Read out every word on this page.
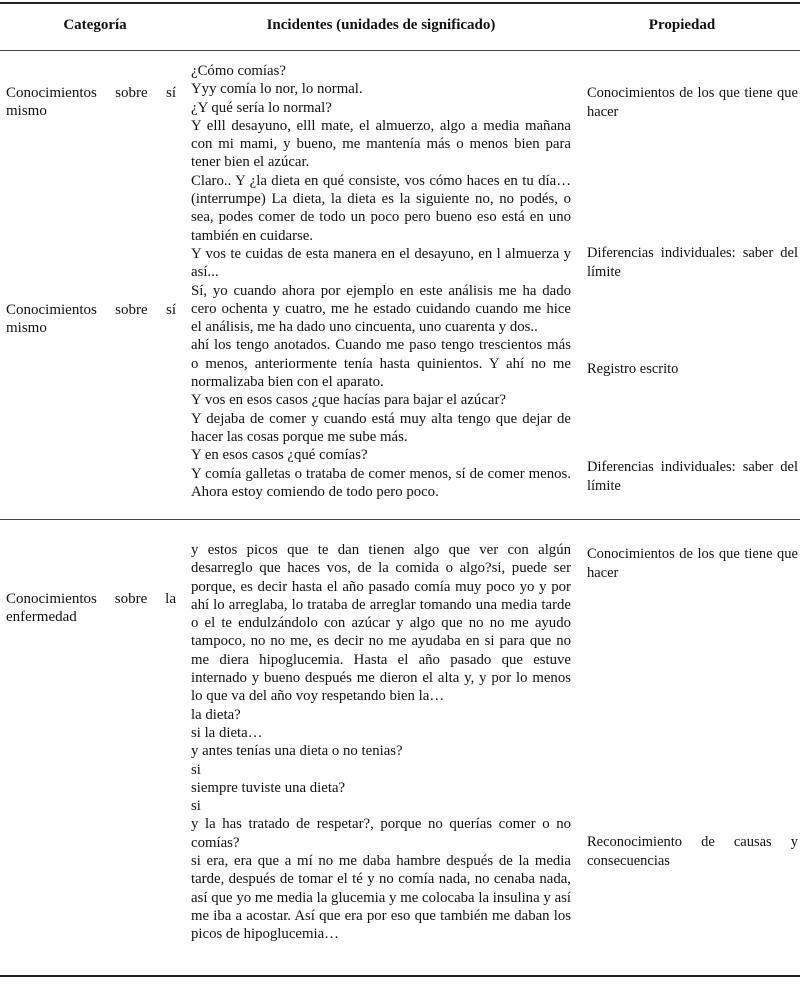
Categoría	Incidentes (unidades de significado)	Propiedad
Conocimientos sobre sí mismo
Conocimientos sobre sí mismo

¿Cómo comías?

Yyy comía lo nor, lo normal.

¿Y qué sería lo normal?

Y elll desayuno, elll mate, el almuerzo, algo a media mañana con mi mami, y bueno, me mantenía más o menos bien para tener bien el azúcar.

Claro.. Y ¿la dieta en qué consiste, vos cómo haces en tu día… (interrumpe) La dieta, la dieta es la siguiente no, no podés, o sea, podes comer de todo un poco pero bueno eso está en uno también en cuidarse.

Y vos te cuidas de esta manera en el desayuno, en l almuerza y así...

Sí, yo cuando ahora por ejemplo en este análisis me ha dado cero ochenta y cuatro, me he estado cuidando cuando me hice el análisis, me ha dado uno cincuenta, uno cuarenta y dos..

ahí los tengo anotados. Cuando me paso tengo trescientos más o menos, anteriormente tenía hasta quinientos. Y ahí no me normalizaba bien con el aparato.

Y vos en esos casos ¿que hacías para bajar el azúcar?

Y dejaba de comer y cuando está muy alta tengo que dejar de hacer las cosas porque me sube más.

Y en esos casos ¿qué comías?

Y comía galletas o trataba de comer menos, sí de comer menos. Ahora estoy comiendo de todo pero poco.

Conocimientos de los que tiene que hacer
Diferencias individuales: saber del límite
Registro escrito
Diferencias individuales: saber del límite
Conocimientos sobre la enfermedad

y estos picos que te dan tienen algo que ver con algún desarreglo que haces vos, de la comida o algo?si, puede ser porque, es decir hasta el año pasado comía muy poco yo y por ahí lo arreglaba, lo trataba de arreglar tomando una media tarde o el te endulzándolo con azúcar y algo que no no me ayudo tampoco, no no me, es decir no me ayudaba en si para que no me diera hipoglucemia. Hasta el año pasado que estuve internado y bueno después me dieron el alta y, y por lo menos lo que va del año voy respetando bien la…

la dieta?

si la dieta…

y antes tenías una dieta o no tenias?

si

siempre tuviste una dieta?

si

y la has tratado de respetar?, porque no querías comer o no comías?

si era, era que a mí no me daba hambre después de la media tarde, después de tomar el té y no comía nada, no cenaba nada, así que yo me media la glucemia y me colocaba la insulina y así me iba a acostar. Así que era por eso que también me daban los picos de hipoglucemia…

Conocimientos de los que tiene que hacer
Reconocimiento de causas y consecuencias
